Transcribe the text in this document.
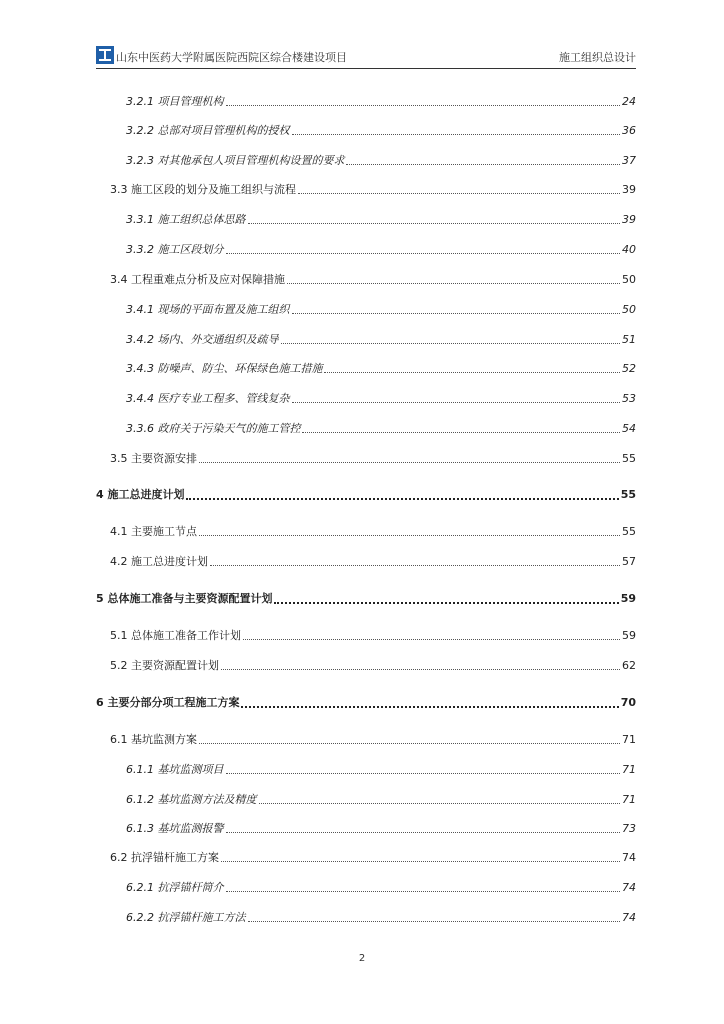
山东中医药大学附属医院西院区综合楼建设项目	施工组织总设计
3.2.1 项目管理机构	24
3.2.2 总部对项目管理机构的授权	36
3.2.3 对其他承包人项目管理机构设置的要求	37
3.3 施工区段的划分及施工组织与流程	39
3.3.1 施工组织总体思路	39
3.3.2 施工区段划分	40
3.4 工程重难点分析及应对保障措施	50
3.4.1 现场的平面布置及施工组织	50
3.4.2 场内、外交通组织及疏导	51
3.4.3 防噪声、防尘、环保绿色施工措施	52
3.4.4 医疗专业工程多、管线复杂	53
3.3.6 政府关于污染天气的施工管控	54
3.5 主要资源安排	55
4 施工总进度计划	55
4.1 主要施工节点	55
4.2 施工总进度计划	57
5 总体施工准备与主要资源配置计划	59
5.1 总体施工准备工作计划	59
5.2 主要资源配置计划	62
6 主要分部分项工程施工方案	70
6.1 基坑监测方案	71
6.1.1 基坑监测项目	71
6.1.2 基坑监测方法及精度	71
6.1.3 基坑监测报警	73
6.2 抗浮锚杆施工方案	74
6.2.1 抗浮锚杆简介	74
6.2.2 抗浮锚杆施工方法	74
2
